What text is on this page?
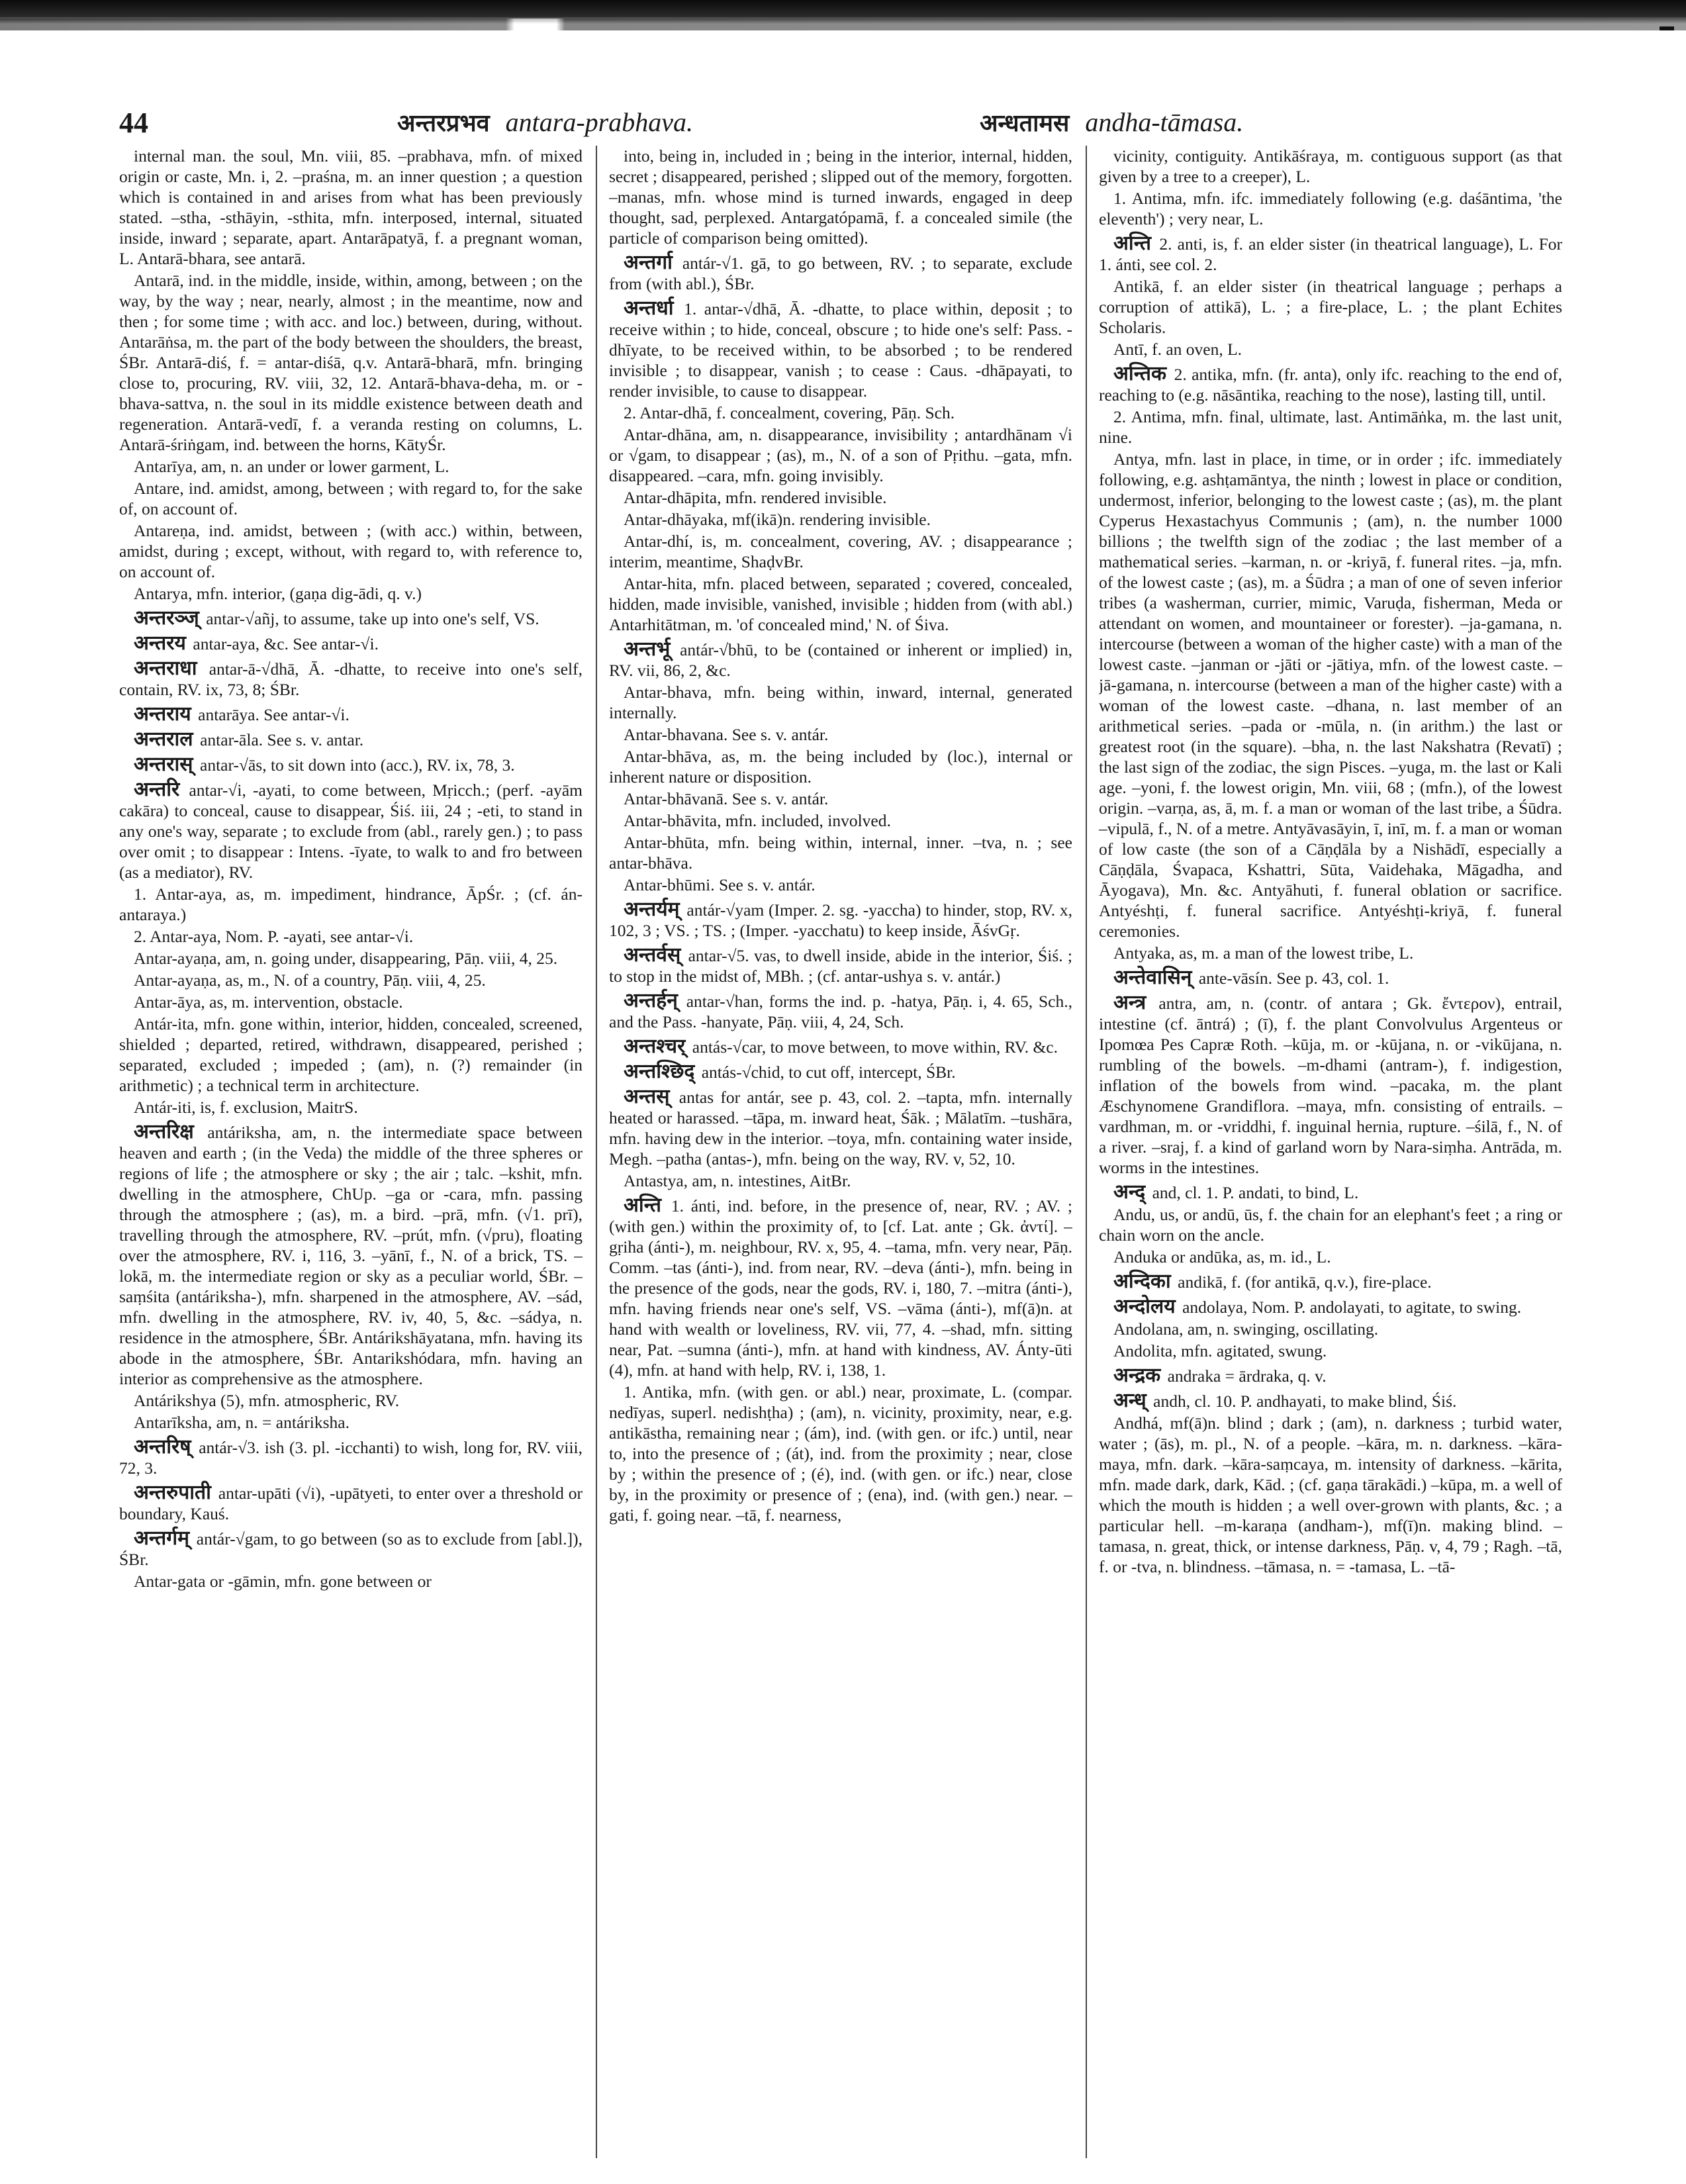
44	अन्तरप्रभव antara-prabhava.	अन्धतामस andha-tāmasa.

internal man. the soul, Mn. viii, 85. –prabhava, mfn. of mixed origin or caste, Mn. i, 2. –praśna, m. an inner question ; a question which is contained in and arises from what has been previously stated. –stha, -sthāyin, -sthita, mfn. interposed, internal, situated inside, inward ; separate, apart. Antarāpatyā, f. a pregnant woman, L. Antarā-bhara, see antarā.

Antarā, ind. in the middle, inside, within, among, between ; on the way, by the way ; near, nearly, almost ; in the meantime, now and then ; for some time ; with acc. and loc.) between, during, without. Antarāṅsa, m. the part of the body between the shoulders, the breast, ŚBr. Antarā-diś, f. = antar-diśā, q.v. Antarā-bharā, mfn. bringing close to, procuring, RV. viii, 32, 12. Antarā-bhava-deha, m. or -bhava-sattva, n. the soul in its middle existence between death and regeneration. Antarā-vedī, f. a veranda resting on columns, L. Antarā-śriṅgam, ind. between the horns, KātyŚr.

Antarīya, am, n. an under or lower garment, L.

Antare, ind. amidst, among, between ; with regard to, for the sake of, on account of.

Antareṇa, ind. amidst, between ; (with acc.) within, between, amidst, during ; except, without, with regard to, with reference to, on account of.

Antarya, mfn. interior, (gaṇa dig-ādi, q. v.)

अन्तरञ्ज् antar-√añj, to assume, take up into one's self, VS.

अन्तरय antar-aya, &c. See antar-√i.

अन्तराधा antar-ā-√dhā, Ā. -dhatte, to receive into one's self, contain, RV. ix, 73, 8; ŚBr.

अन्तराय antarāya. See antar-√i.

अन्तराल antar-āla. See s. v. antar.

अन्तरास् antar-√ās, to sit down into (acc.), RV. ix, 78, 3.

अन्तरि antar-√i, -ayati, to come between, Mṛicch.; (perf. -ayām cakāra) to conceal, cause to disappear, Śiś. iii, 24 ; -eti, to stand in any one's way, separate ; to exclude from (abl., rarely gen.) ; to pass over omit ; to disappear : Intens. -īyate, to walk to and fro between (as a mediator), RV.

1. Antar-aya, as, m. impediment, hindrance, ĀpŚr. ; (cf. án-antaraya.)

2. Antar-aya, Nom. P. -ayati, see antar-√i.

Antar-ayaṇa, am, n. going under, disappearing, Pāṇ. viii, 4, 25.

Antar-ayaṇa, as, m., N. of a country, Pāṇ. viii, 4, 25.

Antar-āya, as, m. intervention, obstacle.

Antár-ita, mfn. gone within, interior, hidden, concealed, screened, shielded ; departed, retired, withdrawn, disappeared, perished ; separated, excluded ; impeded ; (am), n. (?) remainder (in arithmetic) ; a technical term in architecture.

Antár-iti, is, f. exclusion, MaitrS.

अन्तरिक्ष antáriksha, am, n. the intermediate space between heaven and earth ; (in the Veda) the middle of the three spheres or regions of life ; the atmosphere or sky ; the air ; talc. –kshit, mfn. dwelling in the atmosphere, ChUp. –ga or -cara, mfn. passing through the atmosphere ; (as), m. a bird. –prā, mfn. (√1. prī), travelling through the atmosphere, RV. –prút, mfn. (√pru), floating over the atmosphere, RV. i, 116, 3. –yānī, f., N. of a brick, TS. –lokā, m. the intermediate region or sky as a peculiar world, ŚBr. –saṃśita (antáriksha-), mfn. sharpened in the atmosphere, AV. –sád, mfn. dwelling in the atmosphere, RV. iv, 40, 5, &c. –sádya, n. residence in the atmosphere, ŚBr. Antárikshāyatana, mfn. having its abode in the atmosphere, ŚBr. Antarikshódara, mfn. having an interior as comprehensive as the atmosphere.

Antárikshya (5), mfn. atmospheric, RV.

Antarīksha, am, n. = antáriksha.

अन्तरिष् antár-√3. ish (3. pl. -icchanti) to wish, long for, RV. viii, 72, 3.

अन्तरुपाती antar-upāti (√i), -upātyeti, to enter over a threshold or boundary, Kauś.

अन्तर्गम् antár-√gam, to go between (so as to exclude from [abl.]), ŚBr.

Antar-gata or -gāmin, mfn. gone between or

into, being in, included in ; being in the interior, internal, hidden, secret ; disappeared, perished ; slipped out of the memory, forgotten. –manas, mfn. whose mind is turned inwards, engaged in deep thought, sad, perplexed. Antargatópamā, f. a concealed simile (the particle of comparison being omitted).

अन्तर्गा antár-√1. gā, to go between, RV. ; to separate, exclude from (with abl.), ŚBr.

अन्तर्धा 1. antar-√dhā, Ā. -dhatte, to place within, deposit ; to receive within ; to hide, conceal, obscure ; to hide one's self: Pass. -dhīyate, to be received within, to be absorbed ; to be rendered invisible ; to disappear, vanish ; to cease : Caus. -dhāpayati, to render invisible, to cause to disappear.

2. Antar-dhā, f. concealment, covering, Pāṇ. Sch.

Antar-dhāna, am, n. disappearance, invisibility ; antardhānam √i or √gam, to disappear ; (as), m., N. of a son of Pṛithu. –gata, mfn. disappeared. –cara, mfn. going invisibly.

Antar-dhāpita, mfn. rendered invisible.

Antar-dhāyaka, mf(ikā)n. rendering invisible.

Antar-dhí, is, m. concealment, covering, AV. ; disappearance ; interim, meantime, ShaḍvBr.

Antar-hita, mfn. placed between, separated ; covered, concealed, hidden, made invisible, vanished, invisible ; hidden from (with abl.) Antarhitātman, m. 'of concealed mind,' N. of Śiva.

अन्तर्भू antár-√bhū, to be (contained or inherent or implied) in, RV. vii, 86, 2, &c.

Antar-bhava, mfn. being within, inward, internal, generated internally.

Antar-bhavana. See s. v. antár.

Antar-bhāva, as, m. the being included by (loc.), internal or inherent nature or disposition.

Antar-bhāvanā. See s. v. antár.

Antar-bhāvita, mfn. included, involved.

Antar-bhūta, mfn. being within, internal, inner. –tva, n. ; see antar-bhāva.

Antar-bhūmi. See s. v. antár.

अन्तर्यम् antár-√yam (Imper. 2. sg. -yaccha) to hinder, stop, RV. x, 102, 3 ; VS. ; TS. ; (Imper. -yacchatu) to keep inside, ĀśvGṛ.

अन्तर्वस् antar-√5. vas, to dwell inside, abide in the interior, Śiś. ; to stop in the midst of, MBh. ; (cf. antar-ushya s. v. antár.)

अन्तर्हन् antar-√han, forms the ind. p. -hatya, Pāṇ. i, 4. 65, Sch., and the Pass. -hanyate, Pāṇ. viii, 4, 24, Sch.

अन्तश्चर् antás-√car, to move between, to move within, RV. &c.

अन्तश्छिद् antás-√chid, to cut off, intercept, ŚBr.

अन्तस् antas for antár, see p. 43, col. 2. –tapta, mfn. internally heated or harassed. –tāpa, m. inward heat, Śāk. ; Mālatīm. –tushāra, mfn. having dew in the interior. –toya, mfn. containing water inside, Megh. –patha (antas-), mfn. being on the way, RV. v, 52, 10.

Antastya, am, n. intestines, AitBr.

अन्ति 1. ánti, ind. before, in the presence of, near, RV. ; AV. ; (with gen.) within the proximity of, to [cf. Lat. ante ; Gk. ἀντί]. –gṛiha (ánti-), m. neighbour, RV. x, 95, 4. –tama, mfn. very near, Pāṇ. Comm. –tas (ánti-), ind. from near, RV. –deva (ánti-), mfn. being in the presence of the gods, near the gods, RV. i, 180, 7. –mitra (ánti-), mfn. having friends near one's self, VS. –vāma (ánti-), mf(ā)n. at hand with wealth or loveliness, RV. vii, 77, 4. –shad, mfn. sitting near, Pat. –sumna (ánti-), mfn. at hand with kindness, AV. Ánty-ūti (4), mfn. at hand with help, RV. i, 138, 1.

1. Antika, mfn. (with gen. or abl.) near, proximate, L. (compar. nedīyas, superl. nedishṭha) ; (am), n. vicinity, proximity, near, e.g. antikāstha, remaining near ; (ám), ind. (with gen. or ifc.) until, near to, into the presence of ; (át), ind. from the proximity ; near, close by ; within the presence of ; (é), ind. (with gen. or ifc.) near, close by, in the proximity or presence of ; (ena), ind. (with gen.) near. –gati, f. going near. –tā, f. nearness,

vicinity, contiguity. Antikāśraya, m. contiguous support (as that given by a tree to a creeper), L.

1. Antima, mfn. ifc. immediately following (e.g. daśāntima, 'the eleventh') ; very near, L.

अन्ति 2. anti, is, f. an elder sister (in theatrical language), L. For 1. ánti, see col. 2.

Antikā, f. an elder sister (in theatrical language ; perhaps a corruption of attikā), L. ; a fire-place, L. ; the plant Echites Scholaris.

Antī, f. an oven, L.

अन्तिक 2. antika, mfn. (fr. anta), only ifc. reaching to the end of, reaching to (e.g. nāsāntika, reaching to the nose), lasting till, until.

2. Antima, mfn. final, ultimate, last. Antimāṅka, m. the last unit, nine.

Antya, mfn. last in place, in time, or in order ; ifc. immediately following, e.g. ashṭamāntya, the ninth ; lowest in place or condition, undermost, inferior, belonging to the lowest caste ; (as), m. the plant Cyperus Hexastachyus Communis ; (am), n. the number 1000 billions ; the twelfth sign of the zodiac ; the last member of a mathematical series. –karman, n. or -kriyā, f. funeral rites. –ja, mfn. of the lowest caste ; (as), m. a Śūdra ; a man of one of seven inferior tribes (a washerman, currier, mimic, Varuḍa, fisherman, Meda or attendant on women, and mountaineer or forester). –ja-gamana, n. intercourse (between a woman of the higher caste) with a man of the lowest caste. –janman or -jāti or -jātiya, mfn. of the lowest caste. –jā-gamana, n. intercourse (between a man of the higher caste) with a woman of the lowest caste. –dhana, n. last member of an arithmetical series. –pada or -mūla, n. (in arithm.) the last or greatest root (in the square). –bha, n. the last Nakshatra (Revatī) ; the last sign of the zodiac, the sign Pisces. –yuga, m. the last or Kali age. –yoni, f. the lowest origin, Mn. viii, 68 ; (mfn.), of the lowest origin. –varṇa, as, ā, m. f. a man or woman of the last tribe, a Śūdra. –vipulā, f., N. of a metre. Antyāvasāyin, ī, inī, m. f. a man or woman of low caste (the son of a Cāṇḍāla by a Nishādī, especially a Cāṇḍāla, Śvapaca, Kshattri, Sūta, Vaidehaka, Māgadha, and Āyogava), Mn. &c. Antyāhuti, f. funeral oblation or sacrifice. Antyéshṭi, f. funeral sacrifice. Antyéshṭi-kriyā, f. funeral ceremonies.

Antyaka, as, m. a man of the lowest tribe, L.

अन्तेवासिन् ante-vāsín. See p. 43, col. 1.

अन्त्र antra, am, n. (contr. of antara ; Gk. ἔντερον), entrail, intestine (cf. āntrá) ; (ī), f. the plant Convolvulus Argenteus or Ipomœa Pes Capræ Roth. –kūja, m. or -kūjana, n. or -vikūjana, n. rumbling of the bowels. –m-dhami (antram-), f. indigestion, inflation of the bowels from wind. –pacaka, m. the plant Æschynomene Grandiflora. –maya, mfn. consisting of entrails. –vardhman, m. or -vriddhi, f. inguinal hernia, rupture. –śilā, f., N. of a river. –sraj, f. a kind of garland worn by Nara-siṃha. Antrāda, m. worms in the intestines.

अन्द् and, cl. 1. P. andati, to bind, L.

Andu, us, or andū, ūs, f. the chain for an elephant's feet ; a ring or chain worn on the ancle.

Anduka or andūka, as, m. id., L.

अन्दिका andikā, f. (for antikā, q.v.), fire-place.

अन्दोलय andolaya, Nom. P. andolayati, to agitate, to swing.

Andolana, am, n. swinging, oscillating.

Andolita, mfn. agitated, swung.

अन्द्रक andraka = ārdraka, q. v.

अन्ध् andh, cl. 10. P. andhayati, to make blind, Śiś.

Andhá, mf(ā)n. blind ; dark ; (am), n. darkness ; turbid water, water ; (ās), m. pl., N. of a people. –kāra, m. n. darkness. –kāra-maya, mfn. dark. –kāra-saṃcaya, m. intensity of darkness. –kārita, mfn. made dark, dark, Kād. ; (cf. gaṇa tārakādi.) –kūpa, m. a well of which the mouth is hidden ; a well over-grown with plants, &c. ; a particular hell. –m-karaṇa (andham-), mf(ī)n. making blind. –tamasa, n. great, thick, or intense darkness, Pāṇ. v, 4, 79 ; Ragh. –tā, f. or -tva, n. blindness. –tāmasa, n. = -tamasa, L. –tā-
